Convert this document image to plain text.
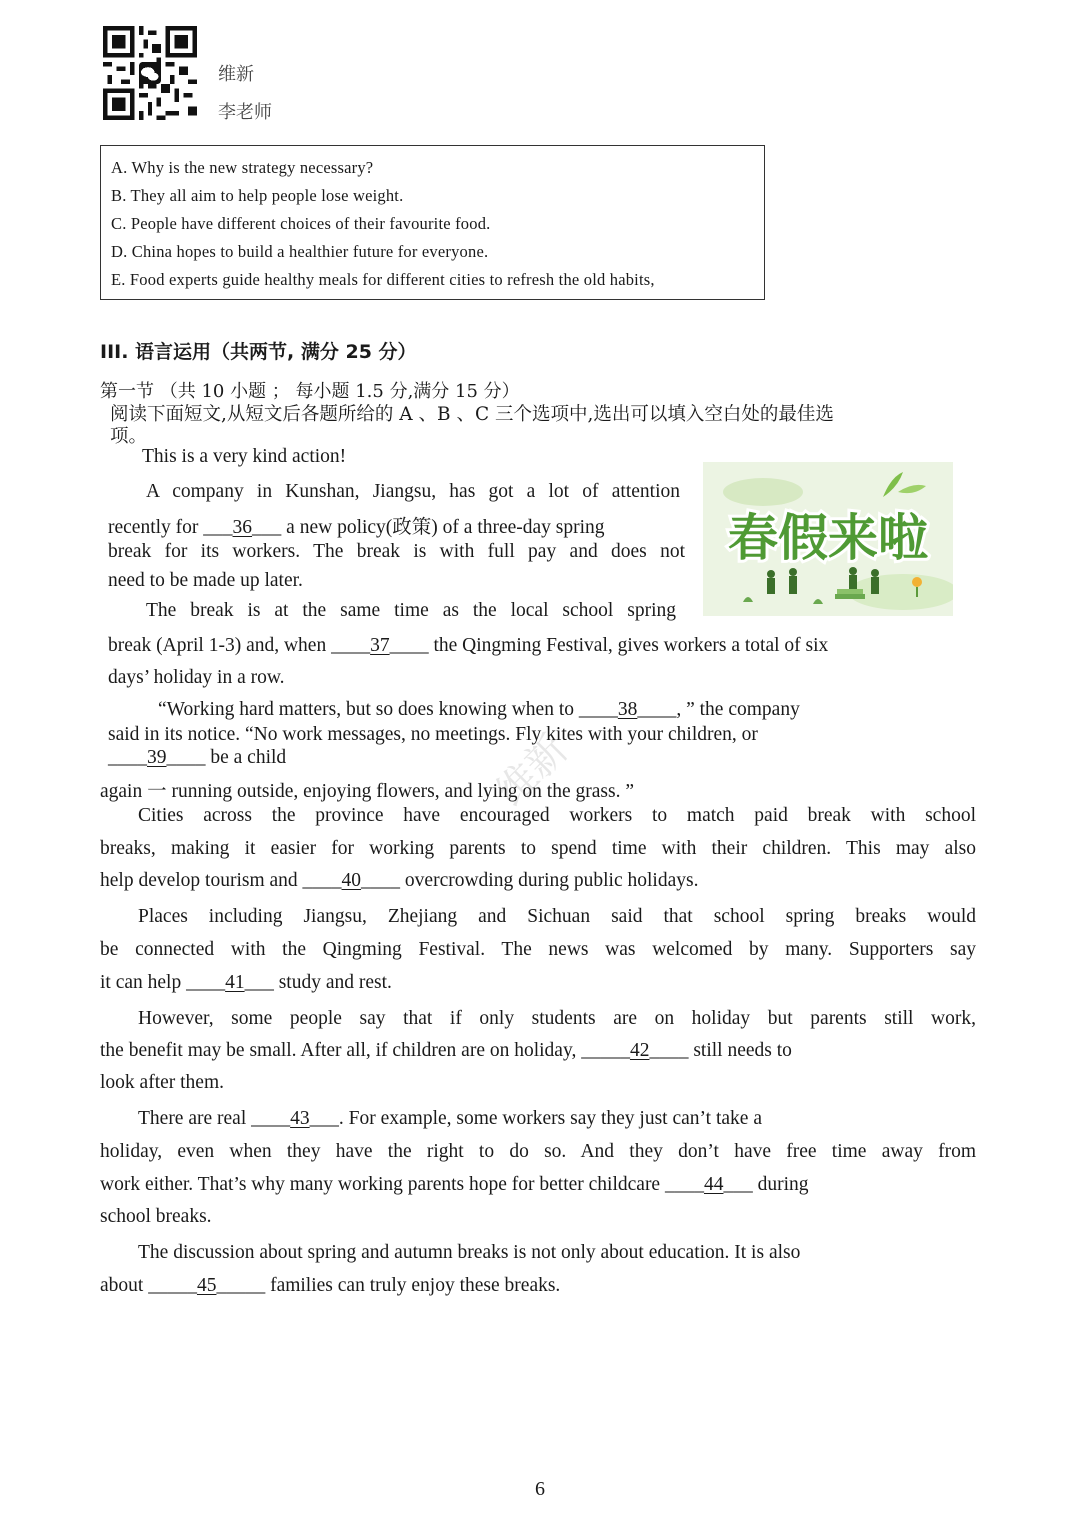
维新
李老师
A. Why is the new strategy necessary?
B. They all aim to help people lose weight.
C. People have different choices of their favourite food.
D. China hopes to build a healthier future for everyone.
E. Food experts guide healthy meals for different cities to refresh the old habits,
III. 语言运用（共两节, 满分 25 分）
第一节 （共 10 小题 ； 每小题 1.5 分,满分 15 分）
阅读下面短文,从短文后各题所给的 A 、B 、C 三个选项中,选出可以填入空白处的最佳选
项。
This is a very kind action!
春假来啦
A company in Kunshan, Jiangsu, has got a lot of attention
recently for ___36___ a new policy(政策) of a three-day spring
break for its workers. The break is with full pay and does not
need to be made up later.
The break is at the same time as the local school spring
break (April 1-3) and, when ____37____ the Qingming Festival, gives workers a total of six
days’ holiday in a row.
“Working hard matters, but so does knowing when to ____38____, ” the company
said in its notice. “No work messages, no meetings. Fly kites with your children, or
____39____ be a child
again 一 running outside, enjoying flowers, and lying on the grass. ”
Cities across the province have encouraged workers to match paid break with school
breaks, making it easier for working parents to spend time with their children. This may also
help develop tourism and ____40____ overcrowding during public holidays.
Places including Jiangsu, Zhejiang and Sichuan said that school spring breaks would
be connected with the Qingming Festival. The news was welcomed by many. Supporters say
it can help ____41___ study and rest.
However, some people say that if only students are on holiday but parents still work,
the benefit may be small. After all, if children are on holiday, _____42____ still needs to
look after them.
There are real ____43___. For example, some workers say they just can’t take a
holiday, even when they have the right to do so. And they don’t have free time away from
work either. That’s why many working parents hope for better childcare ____44___ during
school breaks.
The discussion about spring and autumn breaks is not only about education. It is also
about _____45_____ families can truly enjoy these breaks.
维新
6
